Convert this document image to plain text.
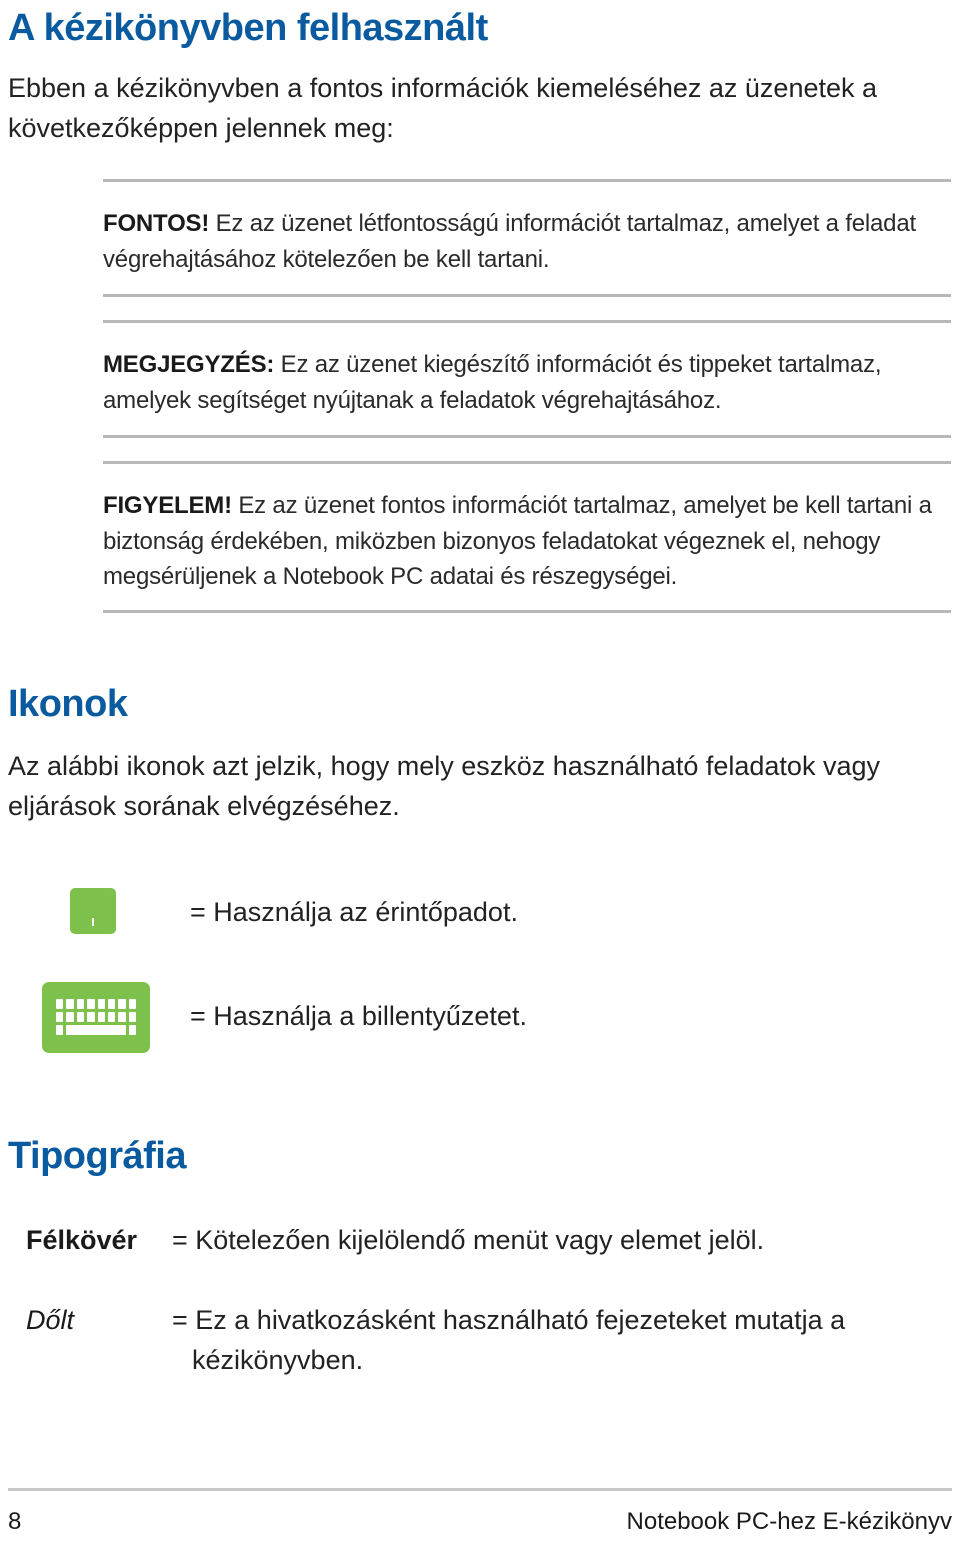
A kézikönyvben felhasznált

Ebben a kézikönyvben a fontos információk kiemeléséhez az üzenetek a következőképpen jelennek meg:

FONTOS! Ez az üzenet létfontosságú információt tartalmaz, amelyet a feladat végrehajtásához kötelezően be kell tartani.

MEGJEGYZÉS: Ez az üzenet kiegészítő információt és tippeket tartalmaz, amelyek segítséget nyújtanak a feladatok végrehajtásához.

FIGYELEM! Ez az üzenet fontos információt tartalmaz, amelyet be kell tartani a biztonság érdekében, miközben bizonyos feladatokat végeznek el, nehogy megsérüljenek a Notebook PC adatai és részegységei.

Ikonok

Az alábbi ikonok azt jelzik, hogy mely eszköz használható feladatok vagy eljárások sorának elvégzéséhez.

= Használja az érintőpadot.

= Használja a billentyűzetet.

Tipográfia

Félkövér = Kötelezően kijelölendő menüt vagy elemet jelöl.

Dőlt	= Ez a hivatkozásként használható fejezeteket mutatja a kézikönyvben.

8	Notebook PC-hez E-kézikönyv
